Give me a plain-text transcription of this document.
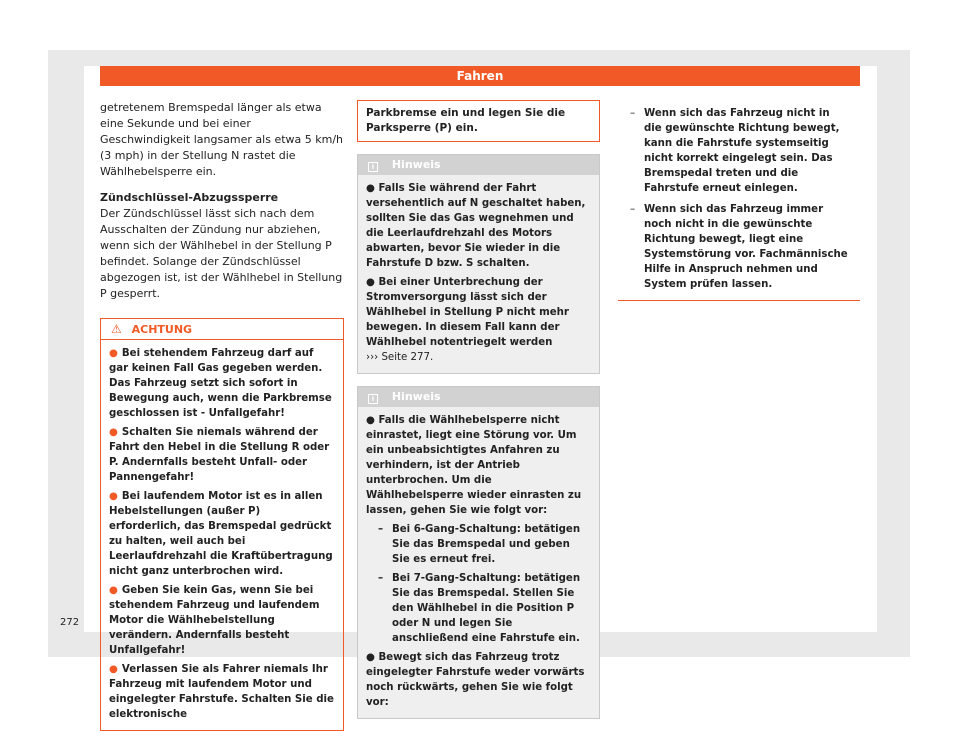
Fahren

getretenem Bremspedal länger als etwa eine Sekunde und bei einer Geschwindigkeit langsamer als etwa 5 km/h (3 mph) in der Stellung N rastet die Wählhebelsperre ein.

Zündschlüssel-Abzugssperre

Der Zündschlüssel lässt sich nach dem Ausschalten der Zündung nur abziehen, wenn sich der Wählhebel in der Stellung P befindet. Solange der Zündschlüssel abgezogen ist, ist der Wählhebel in Stellung P gesperrt.

⚠ ACHTUNG

● Bei stehendem Fahrzeug darf auf gar keinen Fall Gas gegeben werden. Das Fahrzeug setzt sich sofort in Bewegung auch, wenn die Parkbremse geschlossen ist - Unfallgefahr!

● Schalten Sie niemals während der Fahrt den Hebel in die Stellung R oder P. Andernfalls besteht Unfall- oder Pannengefahr!

● Bei laufendem Motor ist es in allen Hebelstellungen (außer P) erforderlich, das Bremspedal gedrückt zu halten, weil auch bei Leerlaufdrehzahl die Kraftübertragung nicht ganz unterbrochen wird.

● Geben Sie kein Gas, wenn Sie bei stehendem Fahrzeug und laufendem Motor die Wählhebelstellung verändern. Andernfalls besteht Unfallgefahr!

● Verlassen Sie als Fahrer niemals Ihr Fahrzeug mit laufendem Motor und eingelegter Fahrstufe. Schalten Sie die elektronische

Parkbremse ein und legen Sie die Parksperre (P) ein.
i Hinweis

● Falls Sie während der Fahrt versehentlich auf N geschaltet haben, sollten Sie das Gas wegnehmen und die Leerlaufdrehzahl des Motors abwarten, bevor Sie wieder in die Fahrstufe D bzw. S schalten.

● Bei einer Unterbrechung der Stromversorgung lässt sich der Wählhebel in Stellung P nicht mehr bewegen. In diesem Fall kann der Wählhebel notentriegelt werden
››› Seite 277.

i Hinweis

● Falls die Wählhebelsperre nicht einrastet, liegt eine Störung vor. Um ein unbeabsichtigtes Anfahren zu verhindern, ist der Antrieb unterbrochen. Um die Wählhebelsperre wieder einrasten zu lassen, gehen Sie wie folgt vor:

– Bei 6-Gang-Schaltung: betätigen Sie das Bremspedal und geben Sie es erneut frei.

– Bei 7-Gang-Schaltung: betätigen Sie das Bremspedal. Stellen Sie den Wählhebel in die Position P oder N und legen Sie anschließend eine Fahrstufe ein.

● Bewegt sich das Fahrzeug trotz eingelegter Fahrstufe weder vorwärts noch rückwärts, gehen Sie wie folgt vor:

– Wenn sich das Fahrzeug nicht in die gewünschte Richtung bewegt, kann die Fahrstufe systemseitig nicht korrekt eingelegt sein. Das Bremspedal treten und die Fahrstufe erneut einlegen.

– Wenn sich das Fahrzeug immer noch nicht in die gewünschte Richtung bewegt, liegt eine Systemstörung vor. Fachmännische Hilfe in Anspruch nehmen und System prüfen lassen.

272
